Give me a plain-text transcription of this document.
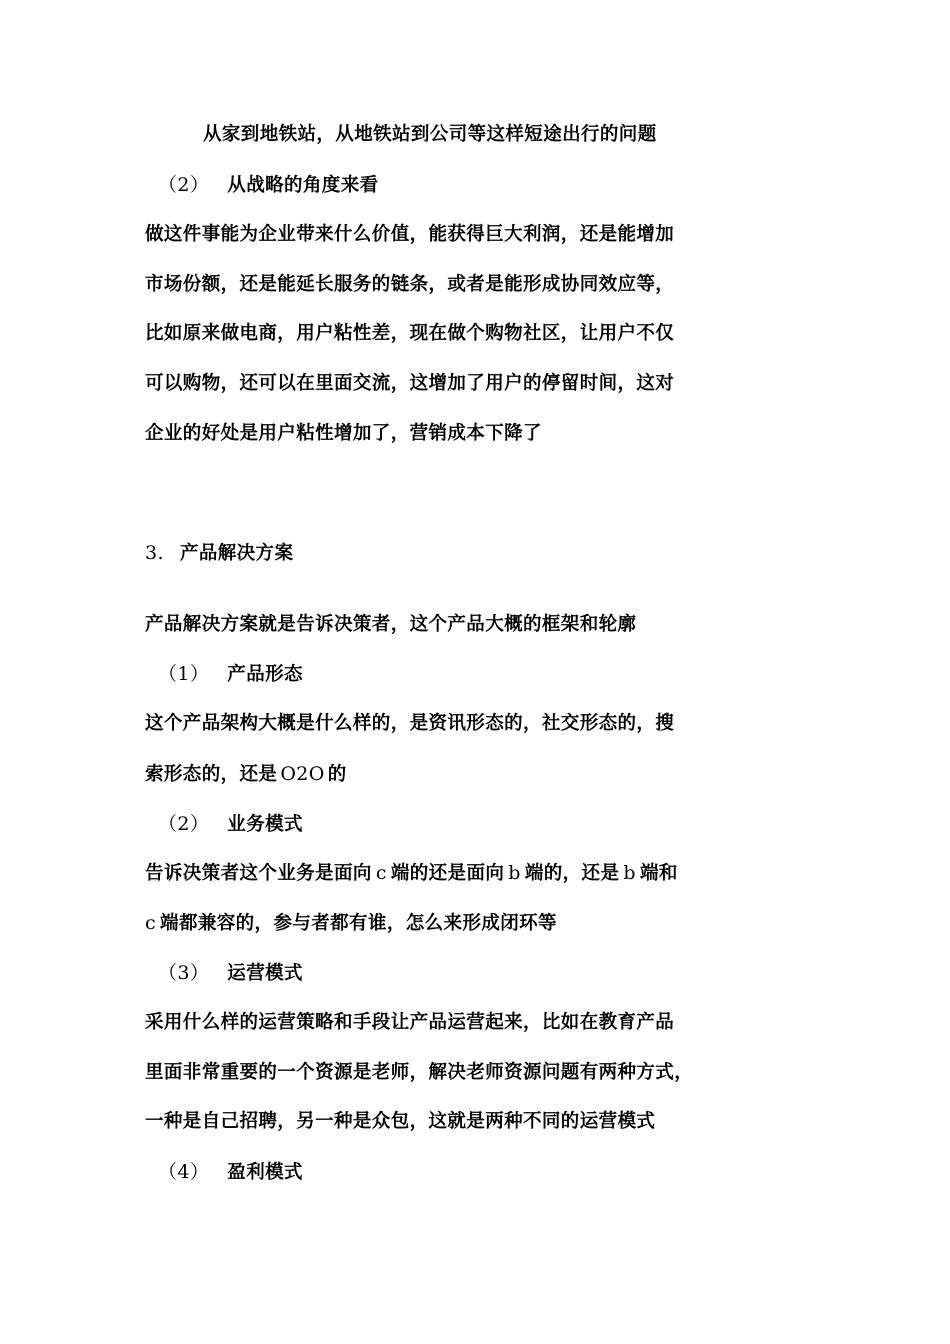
从家到地铁站，从地铁站到公司等这样短途出行的问题
（2） 从战略的角度来看
做这件事能为企业带来什么价值，能获得巨大利润，还是能增加
市场份额，还是能延长服务的链条，或者是能形成协同效应等，
比如原来做电商，用户粘性差，现在做个购物社区，让用户不仅
可以购物，还可以在里面交流，这增加了用户的停留时间，这对
企业的好处是用户粘性增加了，营销成本下降了
3. 产品解决方案
产品解决方案就是告诉决策者，这个产品大概的框架和轮廓
（1） 产品形态
这个产品架构大概是什么样的，是资讯形态的，社交形态的，搜
索形态的，还是 O2O 的
（2） 业务模式
告诉决策者这个业务是面向 c 端的还是面向 b 端的，还是 b 端和
c 端都兼容的，参与者都有谁，怎么来形成闭环等
（3） 运营模式
采用什么样的运营策略和手段让产品运营起来，比如在教育产品
里面非常重要的一个资源是老师，解决老师资源问题有两种方式，
一种是自己招聘，另一种是众包，这就是两种不同的运营模式
（4） 盈利模式
